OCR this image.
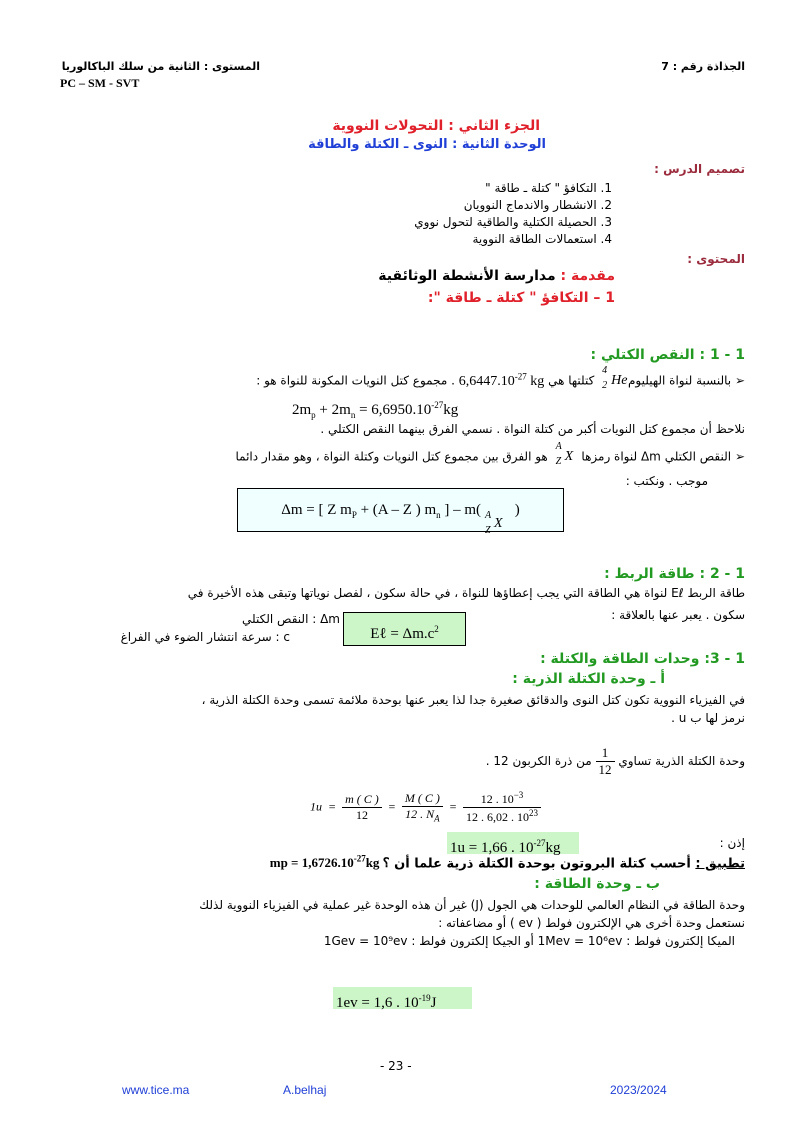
الجذاذة رقم : 7
المستوى : الثانية من سلك الباكالوريا
PC – SM - SVT
الجزء الثاني : التحولات النووية
الوحدة الثانية : النوى ـ الكتلة والطاقة
تصميم الدرس :
1. التكافؤ " كتلة ـ طاقة "
2. الانشطار والاندماج النوويان
3. الحصيلة الكتلية والطاقية لتحول نووي
4. استعمالات الطاقة النووية
المحتوى :
مقدمة : مدارسة الأنشطة الوثائقية
1 – التكافؤ " كتلة ـ طاقة ":
1 - 1 : النقص الكتلي :
➢ بالنسبة لنواة الهيليوم
4
2 He
كتلتها هي $6,6447.10^{-27}$ kg . مجموع كتل النويات المكونة للنواة هو :
$2m_p + 2m_n = 6,6950.10^{-27}kg$
نلاحظ أن مجموع كتل النويات أكبر من كتلة النواة . نسمي الفرق بينهما النقص الكتلي .
➢ النقص الكتلي Δm لنواة رمزها
A
Z X
هو الفرق بين مجموع كتل النويات وكتلة النواة ، وهو مقدار دائما
موجب . ونكتب :
Δm = [ Z $m_P + (A - Z$ ) $m_n$ ] – m( A
Z X
)
1 - 2 : طاقة الربط :
طاقة الربط Eℓ لنواة هي الطاقة التي يجب إعطاؤها للنواة ، في حالة سكون ، لفصل نوياتها وتبقى هذه الأخيرة في
سكون . يعبر عنها بالعلاقة :
Eℓ = $\Delta m.c^2$
Δm : النقص الكتلي
c : سرعة انتشار الضوء في الفراغ
1 - 3: وحدات الطاقة والكتلة :
أ ـ وحدة الكتلة الذرية :
في الفيزياء النووية تكون كتل النوى والدقائق صغيرة جدا لذا يعبر عنها بوحدة ملائمة تسمى وحدة الكتلة الذرية ،
نرمز لها ب u .
وحدة الكتلة الذرية تساوي
$\frac{1}{12}$
من ذرة الكربون 12 .
$1u = \frac{m ( C )}{12} = \frac{M ( C )}{12 . N_A} = \frac{12 . 10^{-3}}{12 . 6,02 . 10^{23}}$
1u = 1,66 . $10^{-27}kg$	إذن :
تطبيق : أحسب كتلة البروتون بوحدة الكتلة ذرية علما أن mp = $1,6726.10^{-27}kg$ ؟
ب ـ وحدة الطاقة :
وحدة الطاقة في النظام العالمي للوحدات هي الجول (J) غير أن هذه الوحدة غير عملية في الفيزياء النووية لذلك
نستعمل وحدة أخرى هي الإلكترون فولط ( ev ) أو مضاعفاته :
الميكا إلكترون فولط : 1Mev = 10⁶ev أو الجيكا إلكترون فولط : 1Gev = 10⁹ev
1ev = 1,6 . $10^{-19}J$
- 23 -
www.tice.ma	A.belhaj	2023/2024
